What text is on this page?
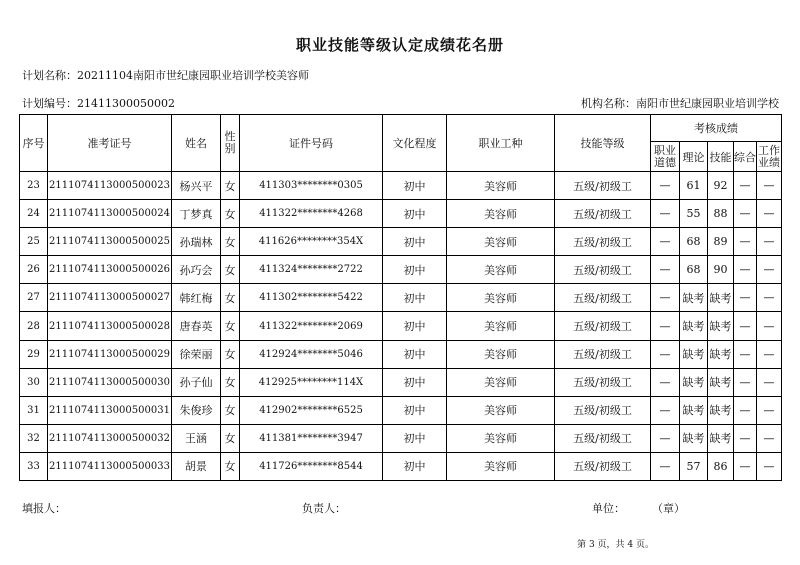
职业技能等级认定成绩花名册
计划名称：20211104南阳市世纪康园职业培训学校美容师
计划编号：21411300050002	机构名称：南阳市世纪康园职业培训学校
序号	准考证号	姓名	性别	证件号码	文化程度	职业工种	技能等级	考核成绩				
								职业道德	理论	技能	综合	工作业绩
23	211107411300050002​3	杨兴平	女	411303********0305	初中	美容师	五级/初级工	—	61	92	—	—
24	2111074113000500024	丁梦真	女	411322********4268	初中	美容师	五级/初级工	—	55	88	—	—
25	2111074113000500025	孙瑞林	女	411626********354X	初中	美容师	五级/初级工	—	68	89	—	—
26	2111074113000500026	孙巧会	女	411324********2722	初中	美容师	五级/初级工	—	68	90	—	—
27	2111074113000500027	韩红梅	女	411302********5422	初中	美容师	五级/初级工	—	缺考	缺考	—	—
28	2111074113000500028	唐春英	女	411322********2069	初中	美容师	五级/初级工	—	缺考	缺考	—	—
29	2111074113000500029	徐荣丽	女	412924********5046	初中	美容师	五级/初级工	—	缺考	缺考	—	—
30	2111074113000500030	孙子仙	女	412925********114X	初中	美容师	五级/初级工	—	缺考	缺考	—	—
31	2111074113000500031	朱俊珍	女	412902********6525	初中	美容师	五级/初级工	—	缺考	缺考	—	—
32	2111074113000500032	王涵	女	411381********3947	初中	美容师	五级/初级工	—	缺考	缺考	—	—
33	2111074113000500033	胡景	女	411726********8544	初中	美容师	五级/初级工	—	57	86	—	—
填报人：	负责人：	单位： （章）
第 3 页，共 4 页。
